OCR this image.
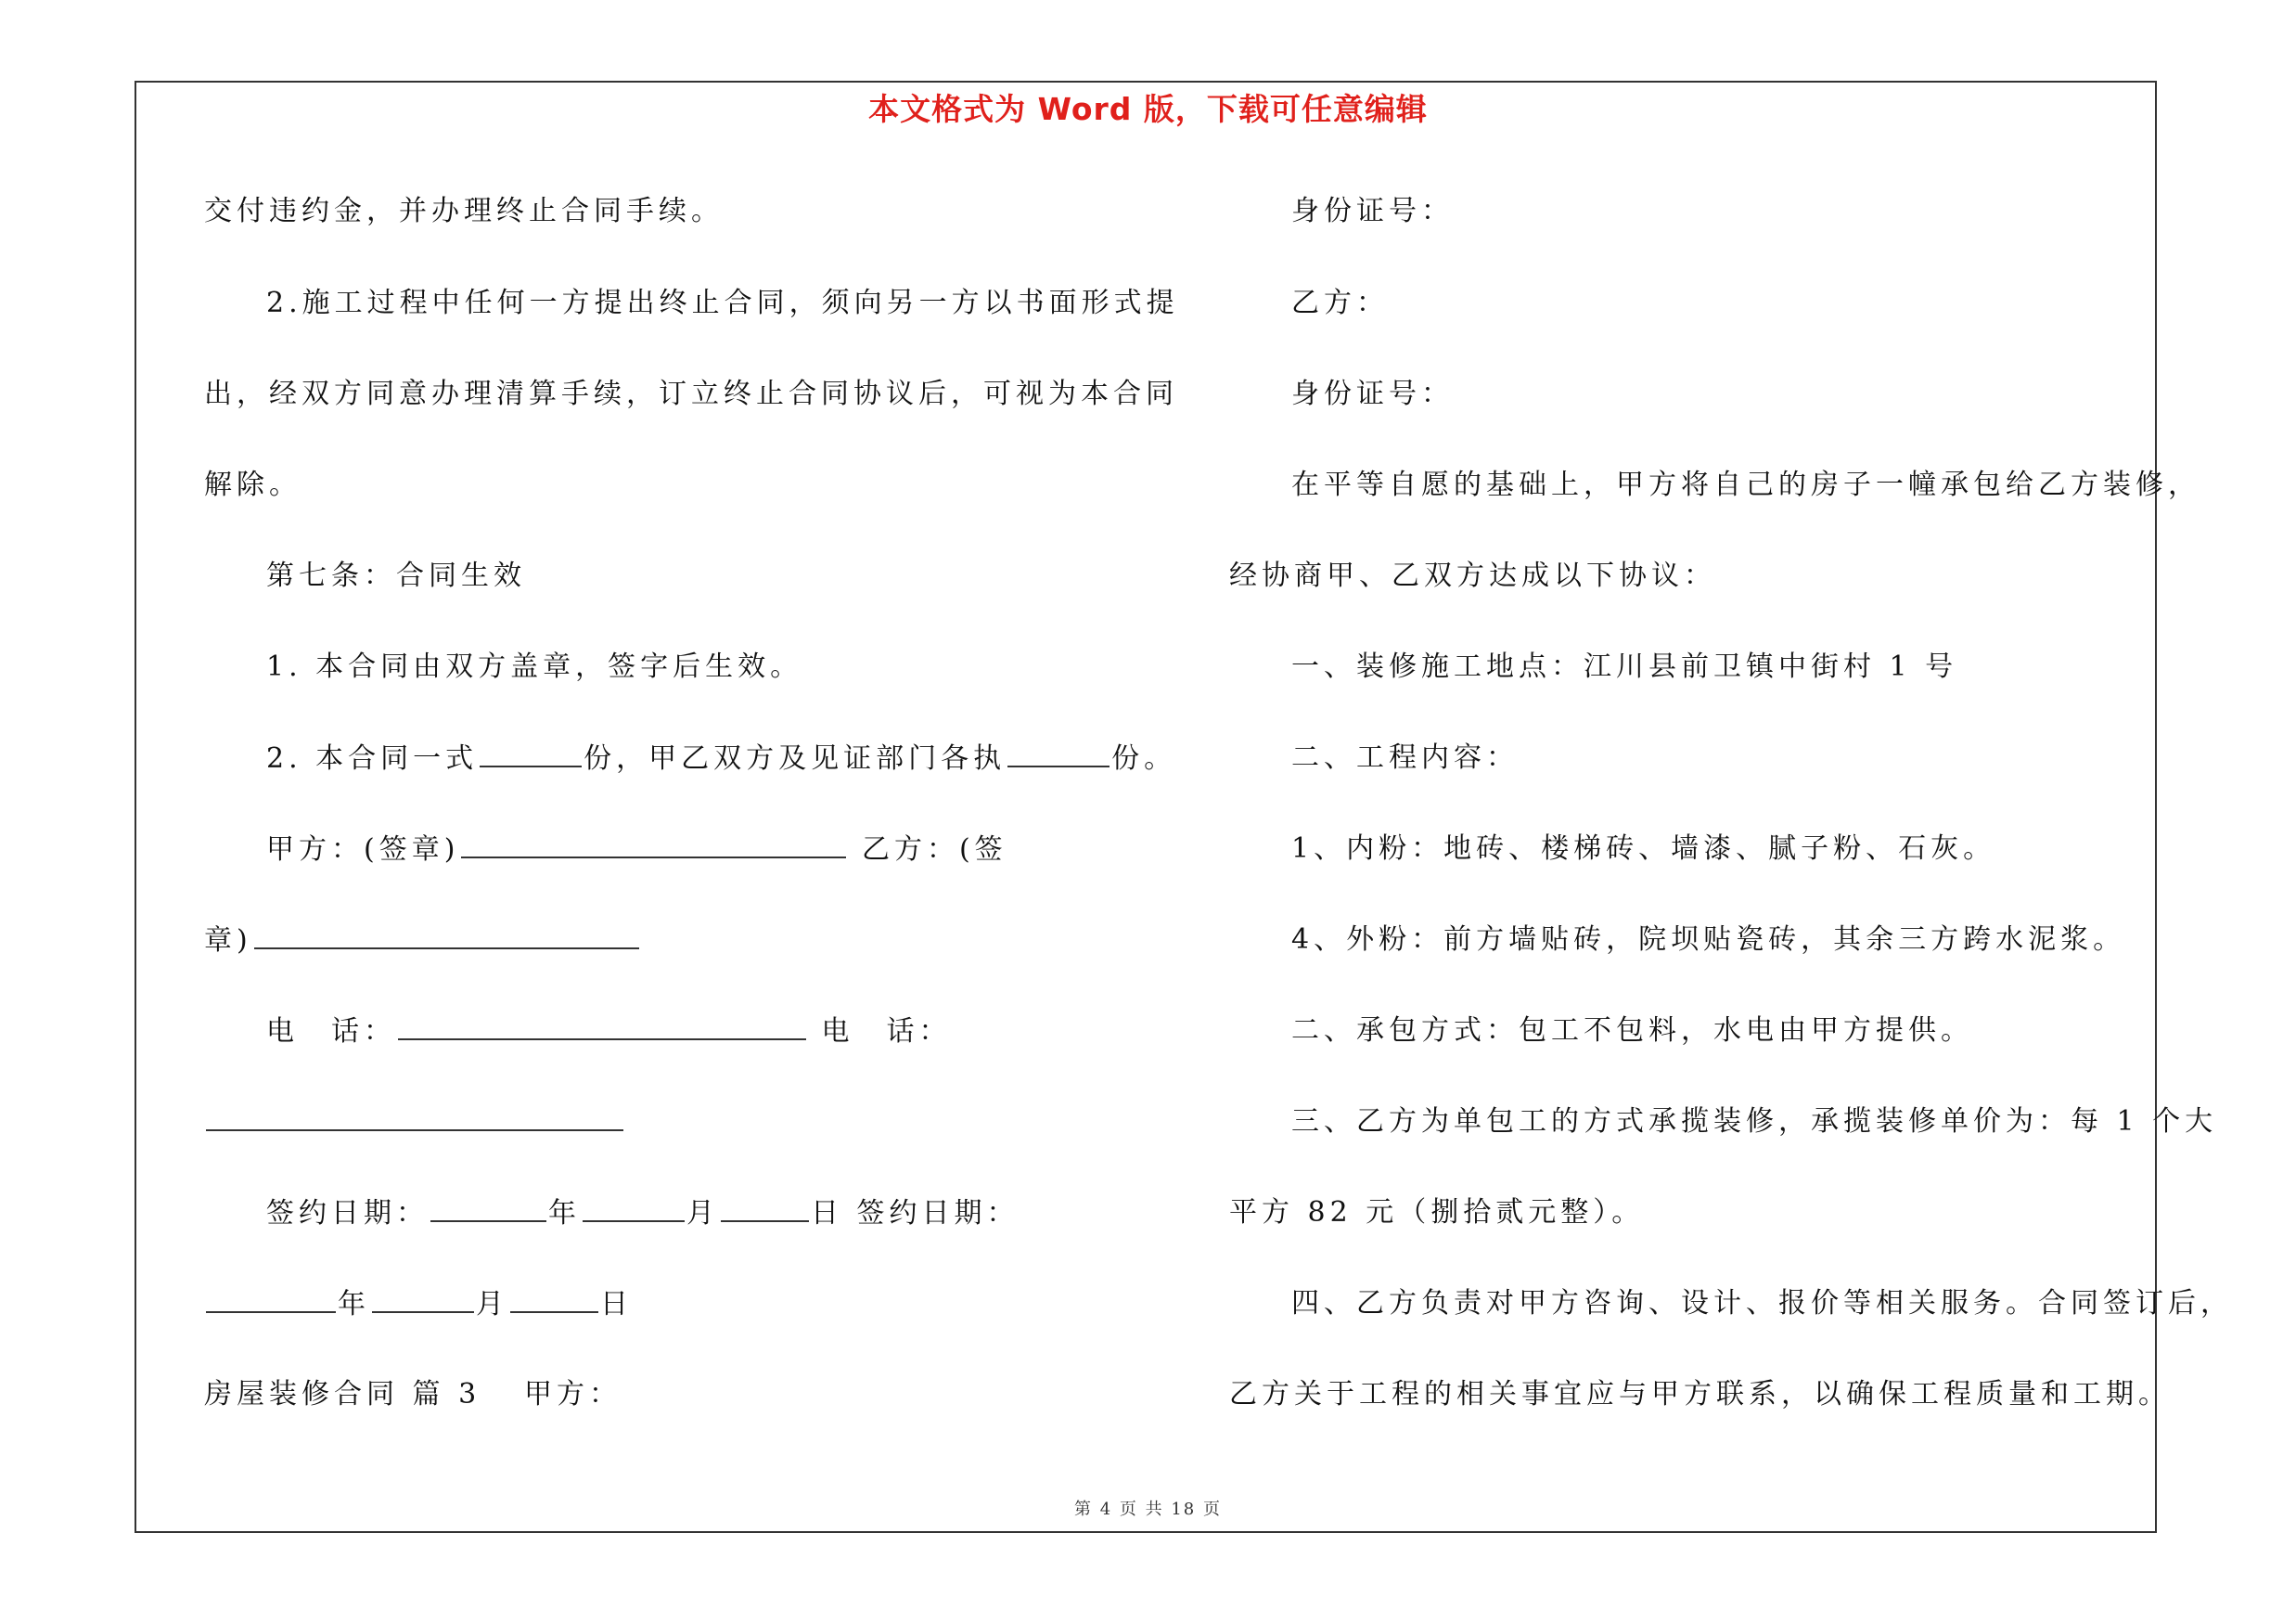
本文格式为 Word 版，下载可任意编辑
交付违约金，并办理终止合同手续。
2.施工过程中任何一方提出终止合同，须向另一方以书面形式提
出，经双方同意办理清算手续，订立终止合同协议后，可视为本合同
解除。
第七条：合同生效
1. 本合同由双方盖章，签字后生效。
2. 本合同一式	份，甲乙双方及见证部门各执	份。
甲方：(签章)	乙方：(签
章)
电　话：	电　话：
签约日期：	年	月	日 签约日期：
年	月	日
房屋装修合同 篇 3 甲方：
身份证号：
乙方：
身份证号：
在平等自愿的基础上，甲方将自己的房子一幢承包给乙方装修，
经协商甲、乙双方达成以下协议：
一、装修施工地点：江川县前卫镇中街村 1 号
二、工程内容：
1、内粉：地砖、楼梯砖、墙漆、腻子粉、石灰。
4、外粉：前方墙贴砖，院坝贴瓷砖，其余三方跨水泥浆。
二、承包方式：包工不包料，水电由甲方提供。
三、乙方为单包工的方式承揽装修，承揽装修单价为：每 1 个大
平方 82 元（捌拾贰元整）。
四、乙方负责对甲方咨询、设计、报价等相关服务。合同签订后，
乙方关于工程的相关事宜应与甲方联系，以确保工程质量和工期。
第 4 页 共 18 页
